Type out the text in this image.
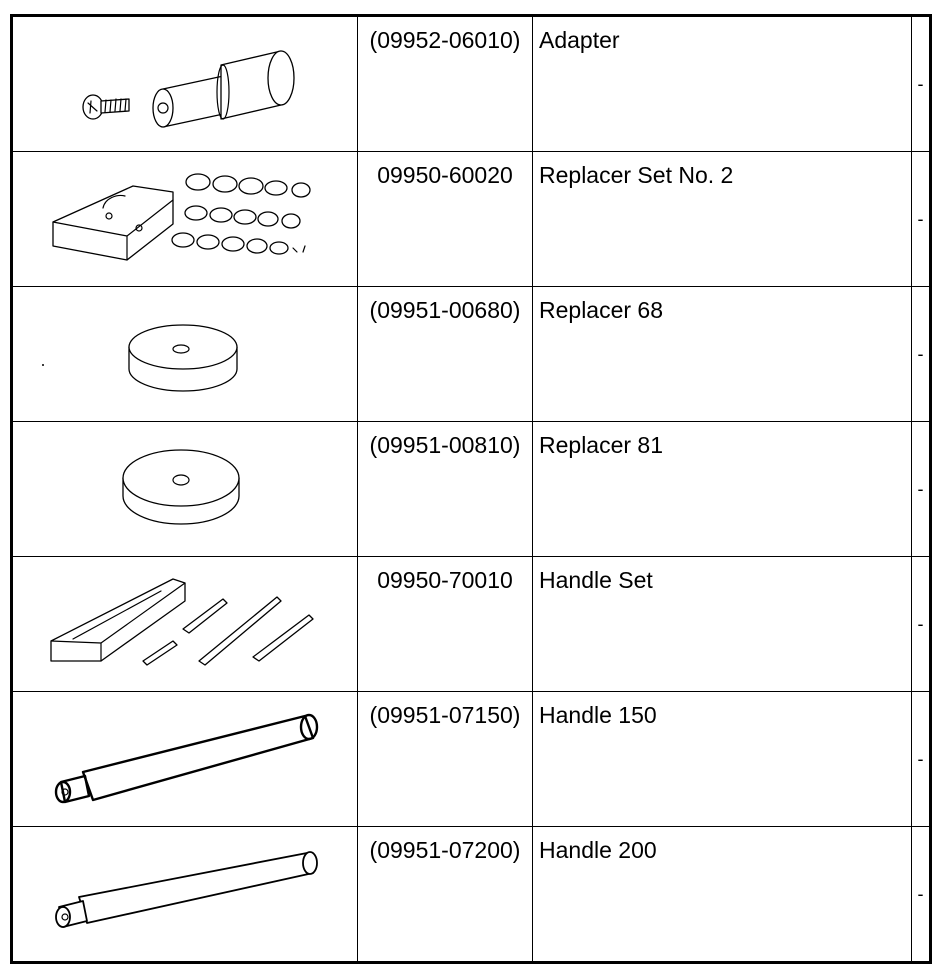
	(09952-06010)	Adapter	-

	09950-60020	Replacer Set No. 2	-

	(09951-00680)	Replacer 68	-

	(09951-00810)	Replacer 81	-

	09950-70010	Handle Set	-

	(09951-07150)	Handle 150	-

	(09951-07200)	Handle 200	-
